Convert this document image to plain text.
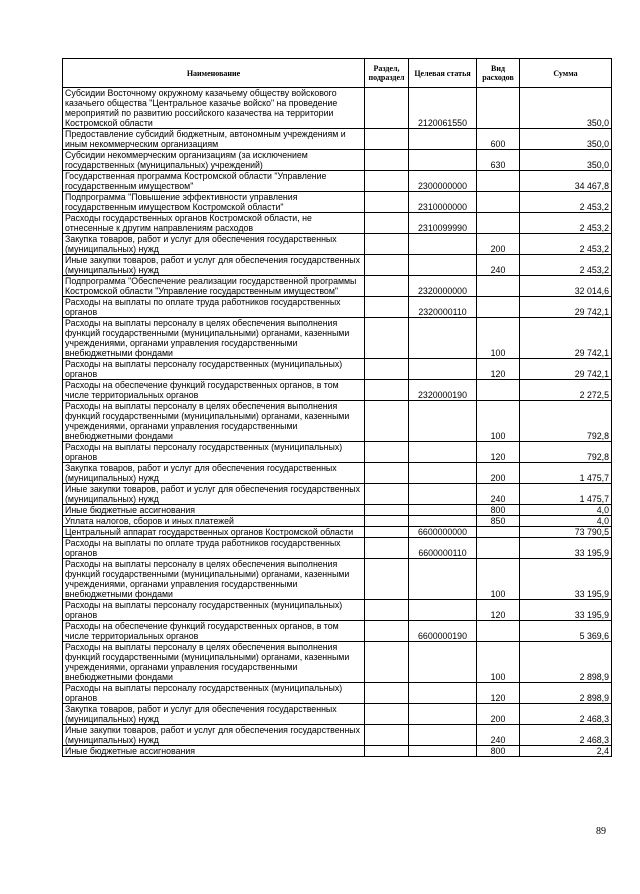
Наименование	Раздел, подраздел	Целевая статья	Вид расходов	Сумма
Субсидии Восточному окружному казачьему обществу войскового казачьего общества "Центральное казачье войско" на проведение мероприятий по развитию российского казачества на территории Костромской области		2120061550		350,0
Предоставление субсидий бюджетным, автономным учреждениям и иным некоммерческим организациям			600	350,0
Субсидии некоммерческим организациям (за исключением государственных (муниципальных) учреждений)			630	350,0
Государственная программа Костромской области "Управление государственным имуществом"		2300000000		34 467,8
Подпрограмма "Повышение эффективности управления государственным имуществом Костромской области"		2310000000		2 453,2
Расходы государственных органов Костромской области, не отнесенные к другим направлениям расходов		2310099990		2 453,2
Закупка товаров, работ и услуг для обеспечения государственных (муниципальных) нужд			200	2 453,2
Иные закупки товаров, работ и услуг для обеспечения государственных (муниципальных) нужд			240	2 453,2
Подпрограмма "Обеспечение реализации государственной программы Костромской области "Управление государственным имуществом"		2320000000		32 014,6
Расходы на выплаты по оплате труда работников государственных органов		2320000110		29 742,1
Расходы на выплаты персоналу в целях обеспечения выполнения функций государственными (муниципальными) органами, казенными учреждениями, органами управления государственными внебюджетными фондами			100	29 742,1
Расходы на выплаты персоналу государственных (муниципальных) органов			120	29 742,1
Расходы на обеспечение функций государственных органов, в том числе территориальных органов		2320000190		2 272,5
Расходы на выплаты персоналу в целях обеспечения выполнения функций государственными (муниципальными) органами, казенными учреждениями, органами управления государственными внебюджетными фондами			100	792,8
Расходы на выплаты персоналу государственных (муниципальных) органов			120	792,8
Закупка товаров, работ и услуг для обеспечения государственных (муниципальных) нужд			200	1 475,7
Иные закупки товаров, работ и услуг для обеспечения государственных (муниципальных) нужд			240	1 475,7
Иные бюджетные ассигнования			800	4,0
Уплата налогов, сборов и иных платежей			850	4,0
Центральный аппарат государственных органов Костромской области		6600000000		73 790,5
Расходы на выплаты по оплате труда работников государственных органов		6600000110		33 195,9
Расходы на выплаты персоналу в целях обеспечения выполнения функций государственными (муниципальными) органами, казенными учреждениями, органами управления государственными внебюджетными фондами			100	33 195,9
Расходы на выплаты персоналу государственных (муниципальных) органов			120	33 195,9
Расходы на обеспечение функций государственных органов, в том числе территориальных органов		6600000190		5 369,6
Расходы на выплаты персоналу в целях обеспечения выполнения функций государственными (муниципальными) органами, казенными учреждениями, органами управления государственными внебюджетными фондами			100	2 898,9
Расходы на выплаты персоналу государственных (муниципальных) органов			120	2 898,9
Закупка товаров, работ и услуг для обеспечения государственных (муниципальных) нужд			200	2 468,3
Иные закупки товаров, работ и услуг для обеспечения государственных (муниципальных) нужд			240	2 468,3
Иные бюджетные ассигнования			800	2,4
89
